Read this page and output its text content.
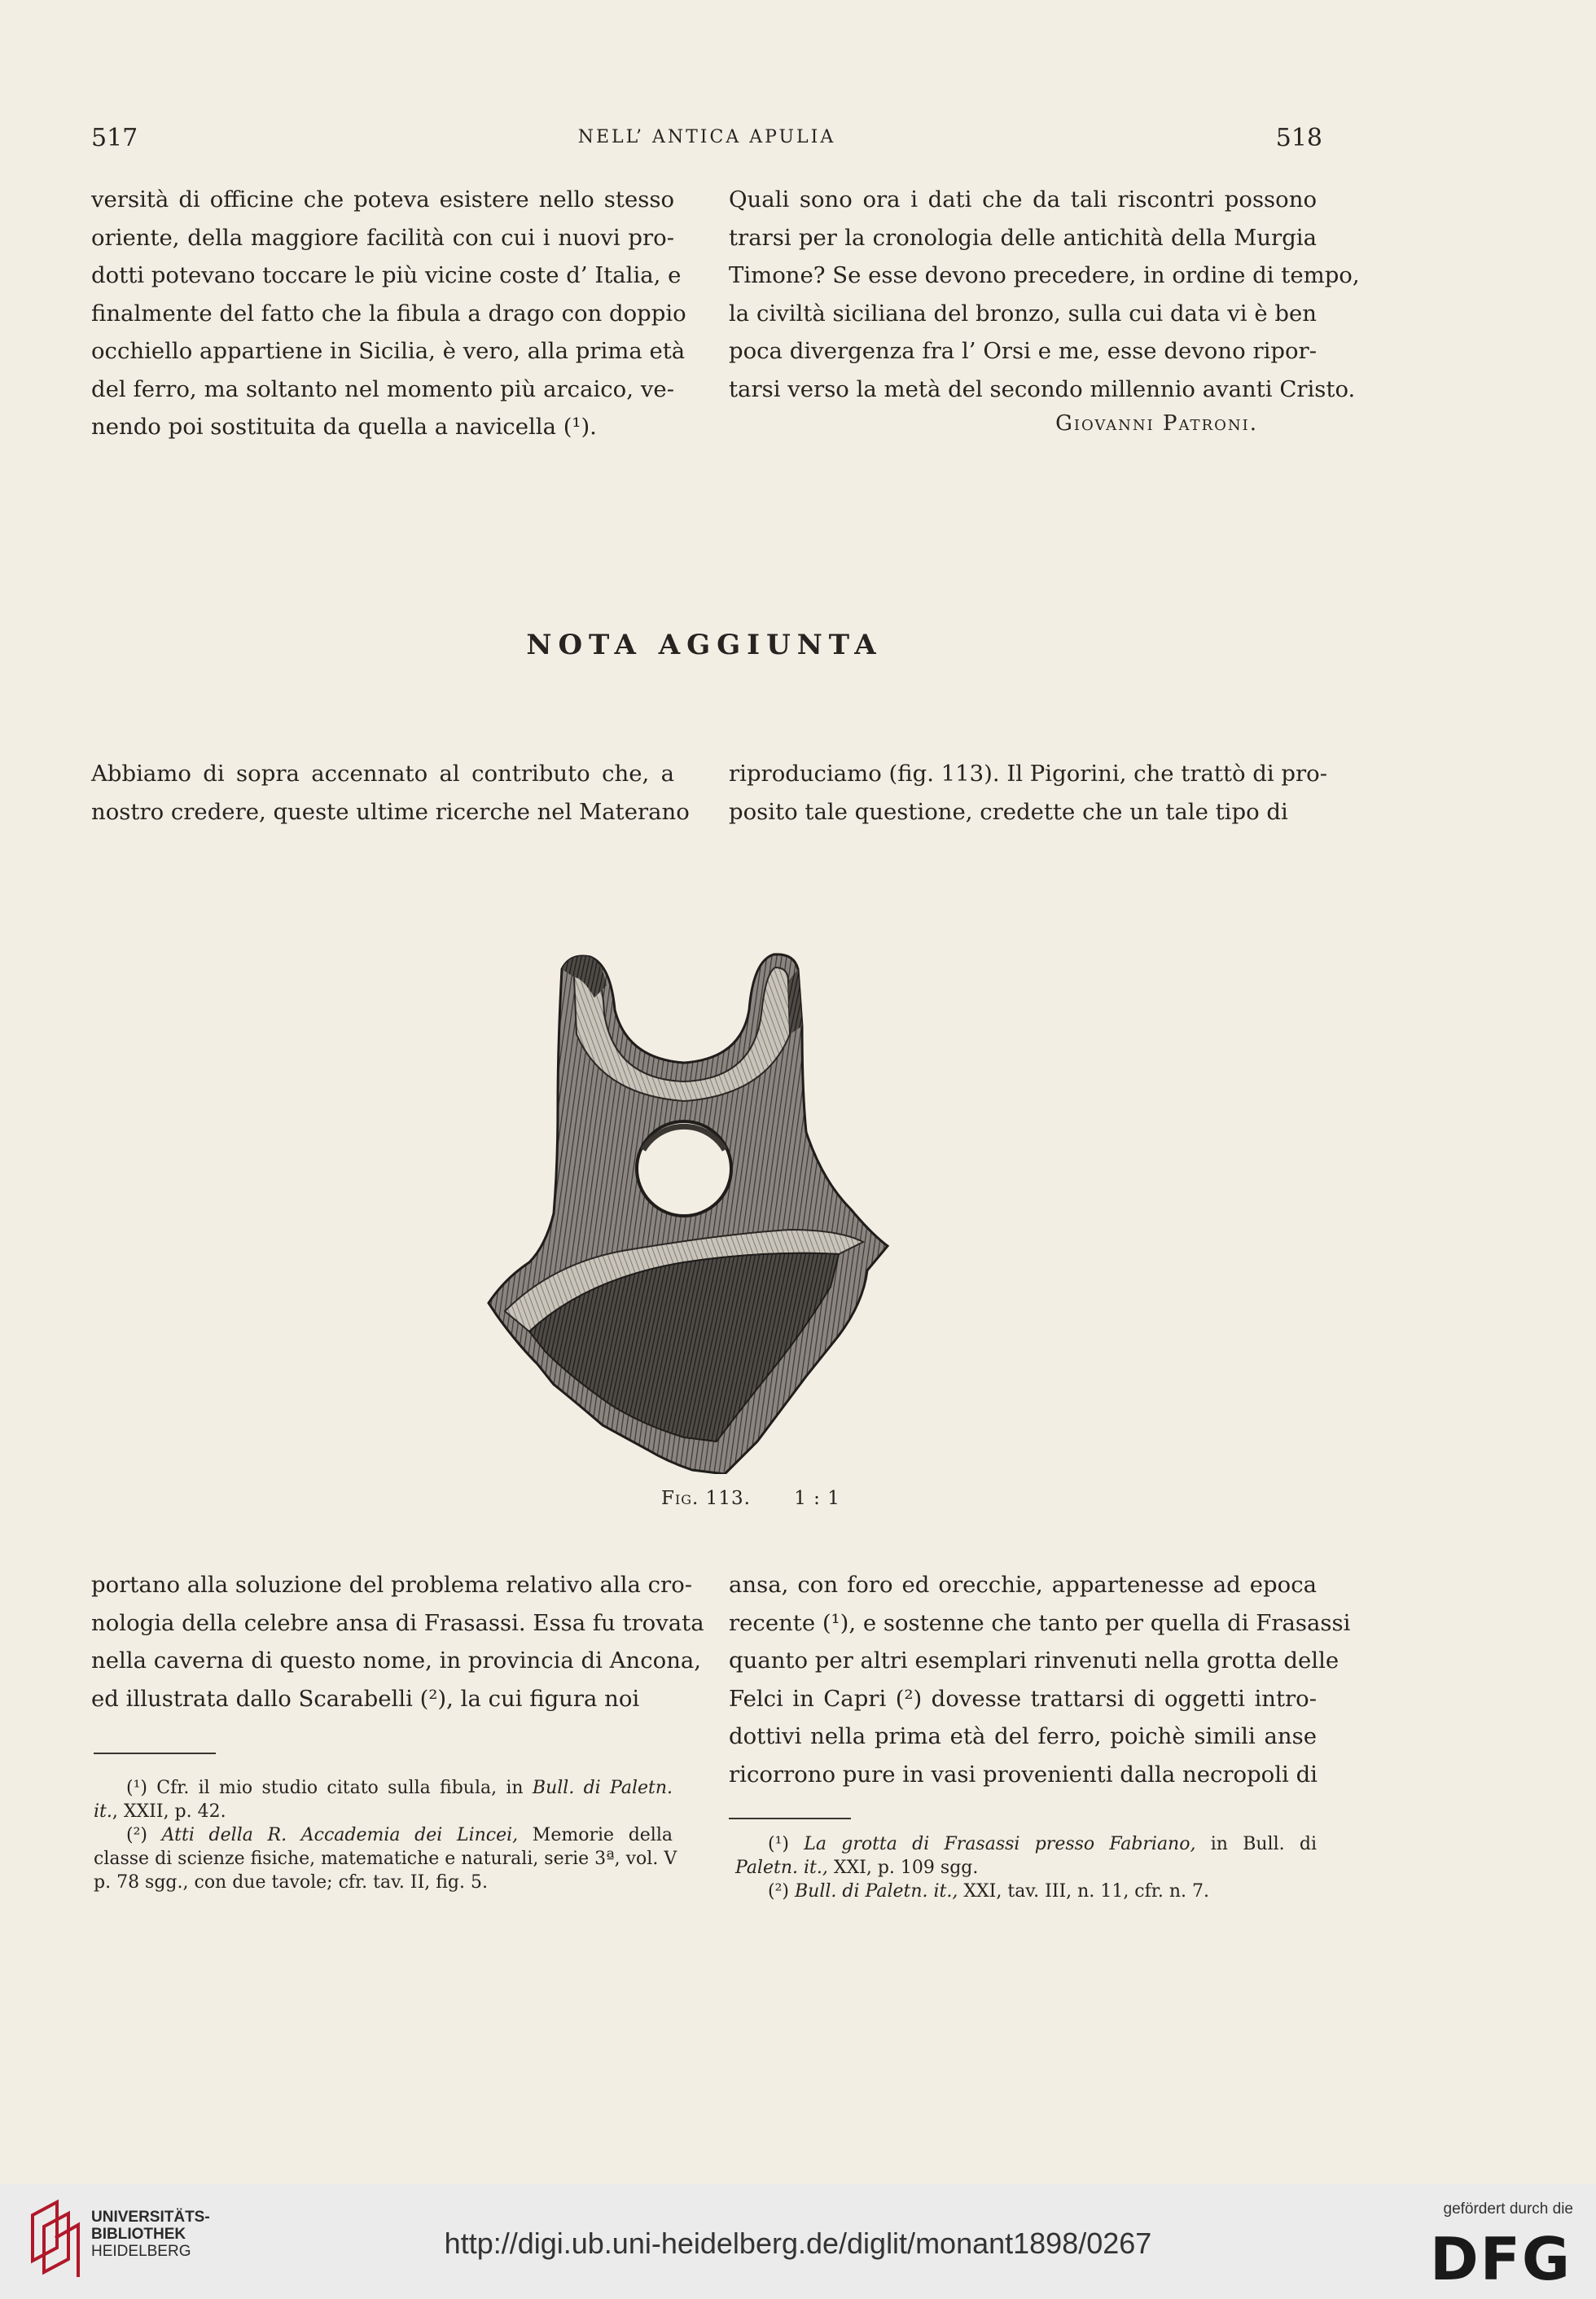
517	NELL’ ANTICA APULIA	518
versità di officine che poteva esistere nello stesso
oriente, della maggiore facilità con cui i nuovi pro-
dotti potevano toccare le più vicine coste d’ Italia, e
finalmente del fatto che la fibula a drago con doppio
occhiello appartiene in Sicilia, è vero, alla prima età
del ferro, ma soltanto nel momento più arcaico, ve-
nendo poi sostituita da quella a navicella (¹).
Quali sono ora i dati che da tali riscontri possono
trarsi per la cronologia delle antichità della Murgia
Timone? Se esse devono precedere, in ordine di tempo,
la civiltà siciliana del bronzo, sulla cui data vi è ben
poca divergenza fra l’ Orsi e me, esse devono ripor-
tarsi verso la metà del secondo millennio avanti Cristo.
Giovanni Patroni.
NOTA AGGIUNTA
Abbiamo di sopra accennato al contributo che, a
nostro credere, queste ultime ricerche nel Materano
riproduciamo (fig. 113). Il Pigorini, che trattò di pro-
posito tale questione, credette che un tale tipo di
Fig. 113. 1 : 1
portano alla soluzione del problema relativo alla cro-
nologia della celebre ansa di Frasassi. Essa fu trovata
nella caverna di questo nome, in provincia di Ancona,
ed illustrata dallo Scarabelli (²), la cui figura noi
ansa, con foro ed orecchie, appartenesse ad epoca
recente (¹), e sostenne che tanto per quella di Frasassi
quanto per altri esemplari rinvenuti nella grotta delle
Felci in Capri (²) dovesse trattarsi di oggetti intro-
dottivi nella prima età del ferro, poichè simili anse
ricorrono pure in vasi provenienti dalla necropoli di
(¹) Cfr. il mio studio citato sulla fibula, in Bull. di Paletn.
it., XXII, p. 42.
(²) Atti della R. Accademia dei Lincei, Memorie della
classe di scienze fisiche, matematiche e naturali, serie 3ª, vol. V
p. 78 sgg., con due tavole; cfr. tav. II, fig. 5.
(¹) La grotta di Frasassi presso Fabriano, in Bull. di
Paletn. it., XXI, p. 109 sgg.
(²) Bull. di Paletn. it., XXI, tav. III, n. 11, cfr. n. 7.
UNIVERSITÄTS-
BIBLIOTHEK
HEIDELBERG	http://digi.ub.uni-heidelberg.de/diglit/monant1898/0267
gefördert durch die
DFG
